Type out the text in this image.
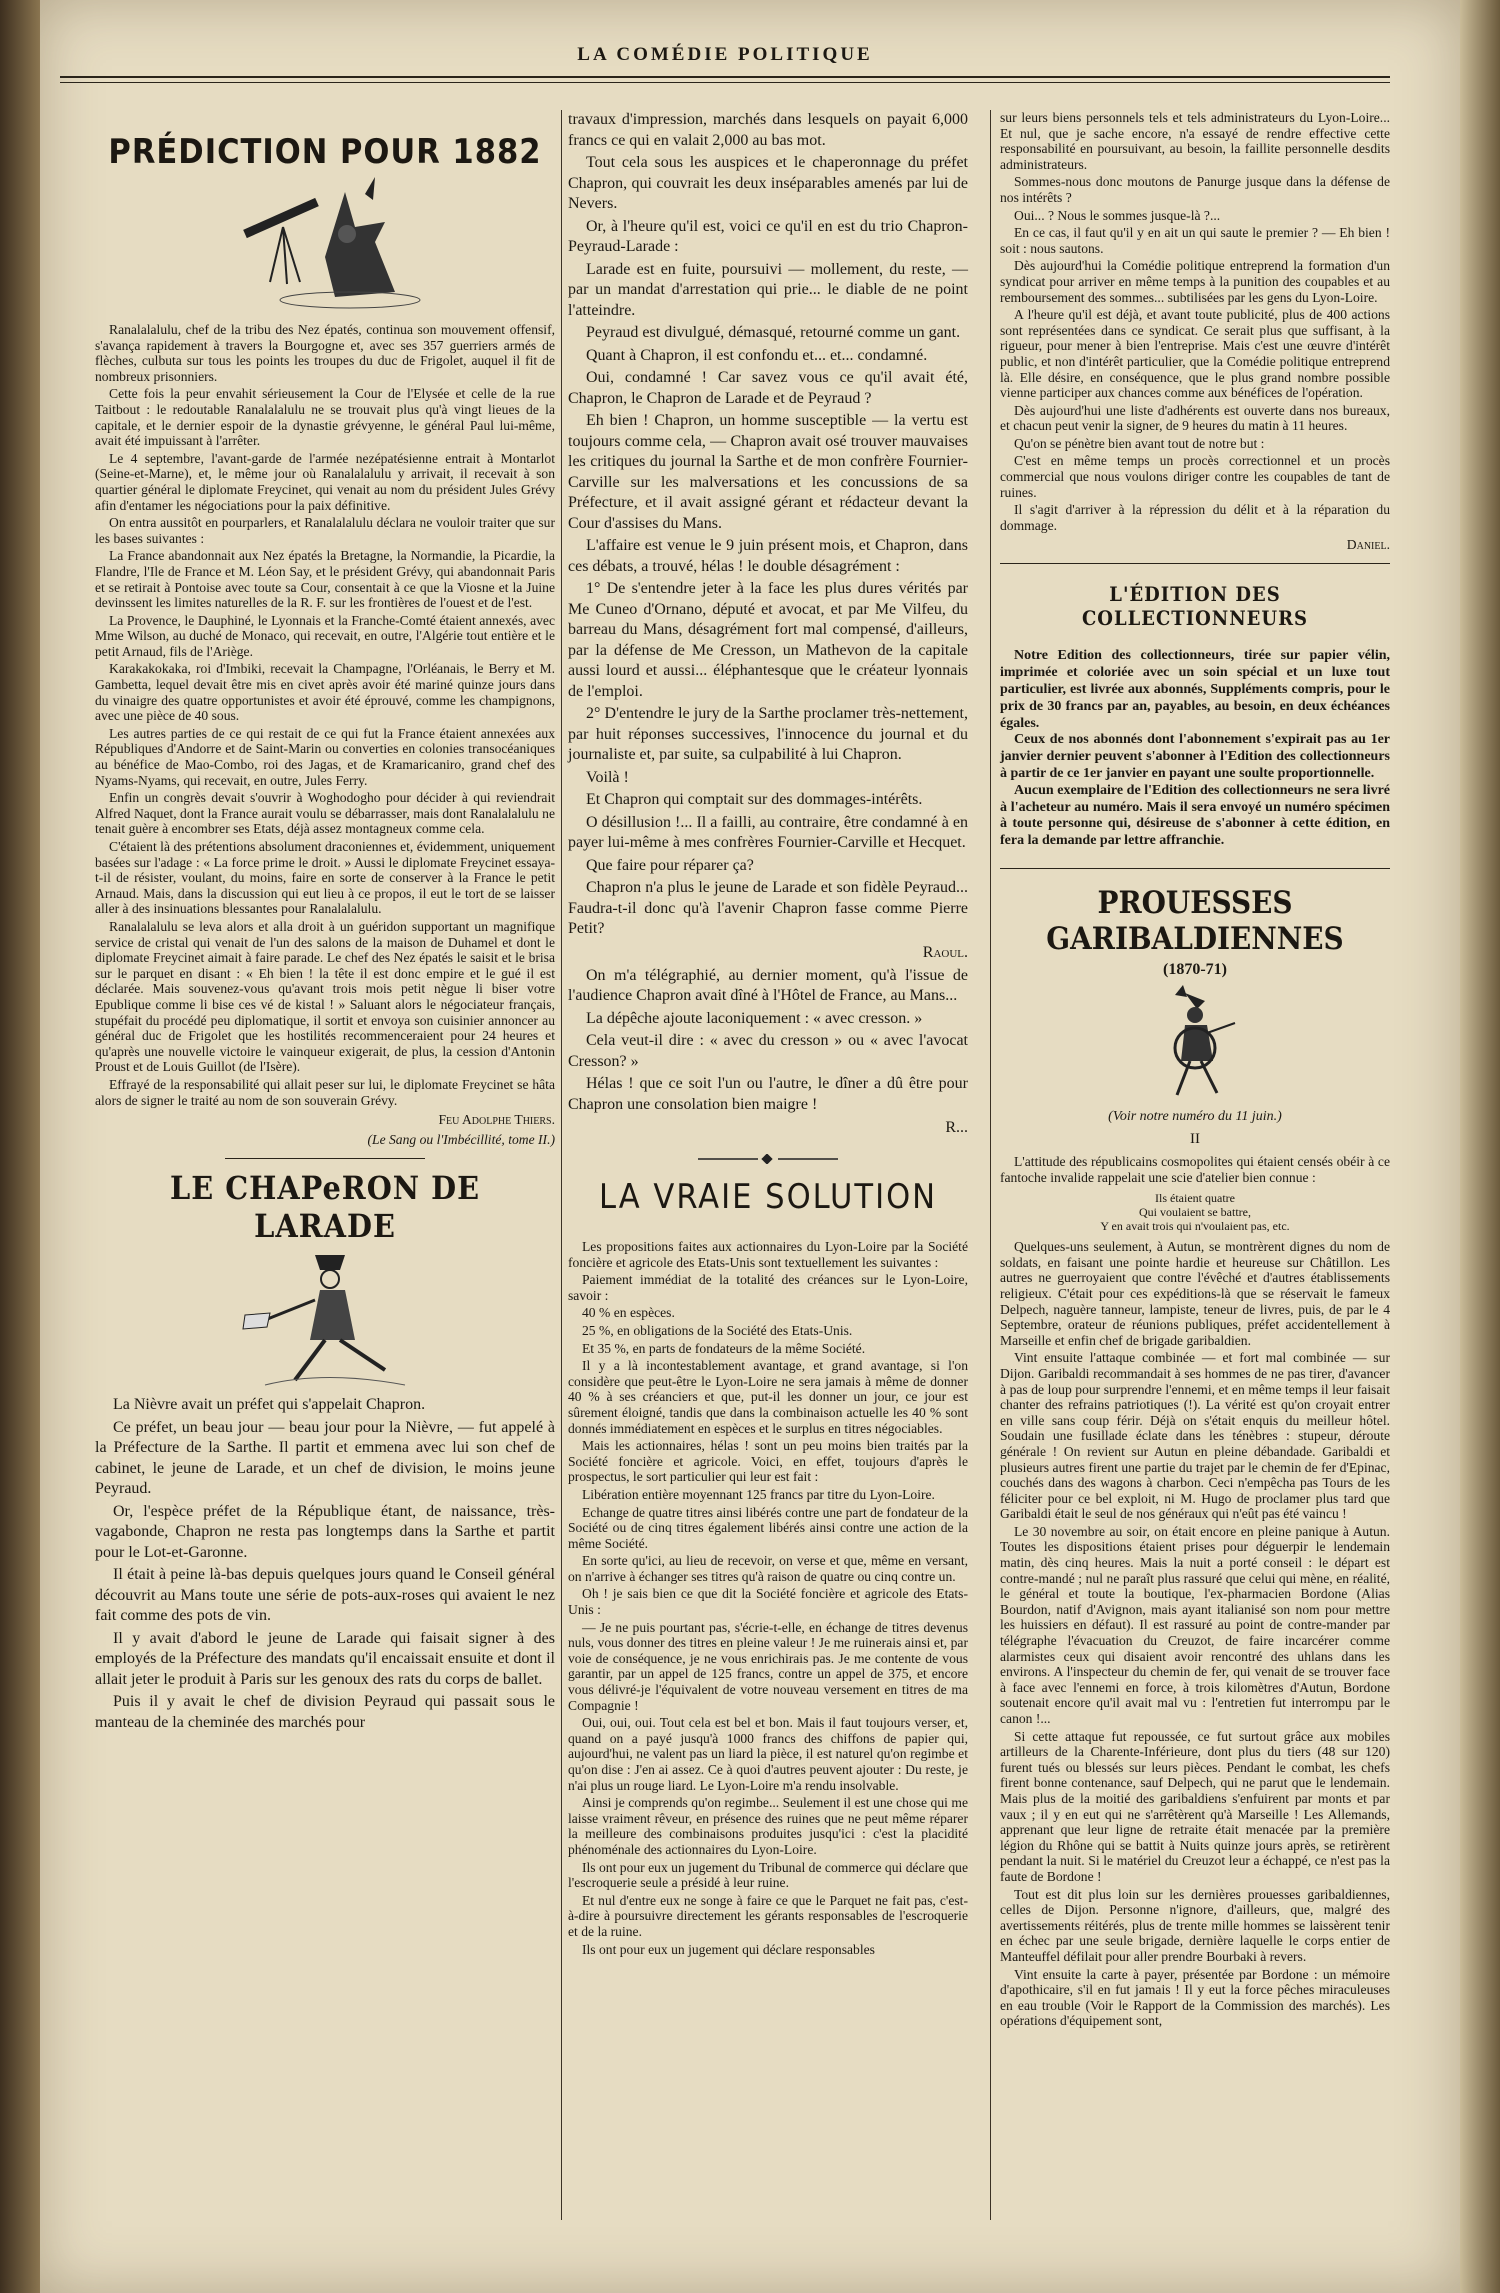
LA COMÉDIE POLITIQUE
PRÉDICTION POUR 1882

Ranalalalulu, chef de la tribu des Nez épatés, continua son mouvement offensif, s'avança rapidement à travers la Bourgogne et, avec ses 357 guerriers armés de flèches, culbuta sur tous les points les troupes du duc de Frigolet, auquel il fit de nombreux prisonniers.

Cette fois la peur envahit sérieusement la Cour de l'Elysée et celle de la rue Taitbout : le redoutable Ranalalalulu ne se trouvait plus qu'à vingt lieues de la capitale, et le dernier espoir de la dynastie grévyenne, le général Paul lui-même, avait été impuissant à l'arrêter.

Le 4 septembre, l'avant-garde de l'armée nezépatésienne entrait à Montarlot (Seine-et-Marne), et, le même jour où Ranalalalulu y arrivait, il recevait à son quartier général le diplomate Freycinet, qui venait au nom du président Jules Grévy afin d'entamer les négociations pour la paix définitive.

On entra aussitôt en pourparlers, et Ranalalalulu déclara ne vouloir traiter que sur les bases suivantes :

La France abandonnait aux Nez épatés la Bretagne, la Normandie, la Picardie, la Flandre, l'Ile de France et M. Léon Say, et le président Grévy, qui abandonnait Paris et se retirait à Pontoise avec toute sa Cour, consentait à ce que la Viosne et la Juine devinssent les limites naturelles de la R. F. sur les frontières de l'ouest et de l'est.

La Provence, le Dauphiné, le Lyonnais et la Franche-Comté étaient annexés, avec Mme Wilson, au duché de Monaco, qui recevait, en outre, l'Algérie tout entière et le petit Arnaud, fils de l'Ariège.

Karakakokaka, roi d'Imbiki, recevait la Champagne, l'Orléanais, le Berry et M. Gambetta, lequel devait être mis en civet après avoir été mariné quinze jours dans du vinaigre des quatre opportunistes et avoir été éprouvé, comme les champignons, avec une pièce de 40 sous.

Les autres parties de ce qui restait de ce qui fut la France étaient annexées aux Républiques d'Andorre et de Saint-Marin ou converties en colonies transocéaniques au bénéfice de Mao-Combo, roi des Jagas, et de Kramaricaniro, grand chef des Nyams-Nyams, qui recevait, en outre, Jules Ferry.

Enfin un congrès devait s'ouvrir à Woghodogho pour décider à qui reviendrait Alfred Naquet, dont la France aurait voulu se débarrasser, mais dont Ranalalalulu ne tenait guère à encombrer ses Etats, déjà assez montagneux comme cela.

C'étaient là des prétentions absolument draconiennes et, évidemment, uniquement basées sur l'adage : « La force prime le droit. » Aussi le diplomate Freycinet essaya-t-il de résister, voulant, du moins, faire en sorte de conserver à la France le petit Arnaud. Mais, dans la discussion qui eut lieu à ce propos, il eut le tort de se laisser aller à des insinuations blessantes pour Ranalalalulu.

Ranalalalulu se leva alors et alla droit à un guéridon supportant un magnifique service de cristal qui venait de l'un des salons de la maison de Duhamel et dont le diplomate Freycinet aimait à faire parade. Le chef des Nez épatés le saisit et le brisa sur le parquet en disant : « Eh bien ! la tête il est donc empire et le gué il est déclarée. Mais souvenez-vous qu'avant trois mois petit nègue li biser votre Epublique comme li bise ces vé de kistal ! » Saluant alors le négociateur français, stupéfait du procédé peu diplomatique, il sortit et envoya son cuisinier annoncer au général duc de Frigolet que les hostilités recommenceraient pour 24 heures et qu'après une nouvelle victoire le vainqueur exigerait, de plus, la cession d'Antonin Proust et de Louis Guillot (de l'Isère).

Effrayé de la responsabilité qui allait peser sur lui, le diplomate Freycinet se hâta alors de signer le traité au nom de son souverain Grévy.

Feu Adolphe Thiers.

(Le Sang ou l'Imbécillité, tome II.)

LE CHAPeRON DE LARADE

La Nièvre avait un préfet qui s'appelait Chapron.

Ce préfet, un beau jour — beau jour pour la Nièvre, — fut appelé à la Préfecture de la Sarthe. Il partit et emmena avec lui son chef de cabinet, le jeune de Larade, et un chef de division, le moins jeune Peyraud.

Or, l'espèce préfet de la République étant, de naissance, très-vagabonde, Chapron ne resta pas longtemps dans la Sarthe et partit pour le Lot-et-Garonne.

Il était à peine là-bas depuis quelques jours quand le Conseil général découvrit au Mans toute une série de pots-aux-roses qui avaient le nez fait comme des pots de vin.

Il y avait d'abord le jeune de Larade qui faisait signer à des employés de la Préfecture des mandats qu'il encaissait ensuite et dont il allait jeter le produit à Paris sur les genoux des rats du corps de ballet.

Puis il y avait le chef de division Peyraud qui passait sous le manteau de la cheminée des marchés pour

travaux d'impression, marchés dans lesquels on payait 6,000 francs ce qui en valait 2,000 au bas mot.

Tout cela sous les auspices et le chaperonnage du préfet Chapron, qui couvrait les deux inséparables amenés par lui de Nevers.

Or, à l'heure qu'il est, voici ce qu'il en est du trio Chapron-Peyraud-Larade :

Larade est en fuite, poursuivi — mollement, du reste, — par un mandat d'arrestation qui prie... le diable de ne point l'atteindre.

Peyraud est divulgué, démasqué, retourné comme un gant.

Quant à Chapron, il est confondu et... et... condamné.

Oui, condamné ! Car savez vous ce qu'il avait été, Chapron, le Chapron de Larade et de Peyraud ?

Eh bien ! Chapron, un homme susceptible — la vertu est toujours comme cela, — Chapron avait osé trouver mauvaises les critiques du journal la Sarthe et de mon confrère Fournier-Carville sur les malversations et les concussions de sa Préfecture, et il avait assigné gérant et rédacteur devant la Cour d'assises du Mans.

L'affaire est venue le 9 juin présent mois, et Chapron, dans ces débats, a trouvé, hélas ! le double désagrément :

1° De s'entendre jeter à la face les plus dures vérités par Me Cuneo d'Ornano, député et avocat, et par Me Vilfeu, du barreau du Mans, désagrément fort mal compensé, d'ailleurs, par la défense de Me Cresson, un Mathevon de la capitale aussi lourd et aussi... éléphantesque que le créateur lyonnais de l'emploi.

2° D'entendre le jury de la Sarthe proclamer très-nettement, par huit réponses successives, l'innocence du journal et du journaliste et, par suite, sa culpabilité à lui Chapron.

Voilà !

Et Chapron qui comptait sur des dommages-intérêts.

O désillusion !... Il a failli, au contraire, être condamné à en payer lui-même à mes confrères Fournier-Carville et Hecquet.

Que faire pour réparer ça?

Chapron n'a plus le jeune de Larade et son fidèle Peyraud... Faudra-t-il donc qu'à l'avenir Chapron fasse comme Pierre Petit?

Raoul.

On m'a télégraphié, au dernier moment, qu'à l'issue de l'audience Chapron avait dîné à l'Hôtel de France, au Mans...

La dépêche ajoute laconiquement : « avec cresson. »

Cela veut-il dire : « avec du cresson » ou « avec l'avocat Cresson? »

Hélas ! que ce soit l'un ou l'autre, le dîner a dû être pour Chapron une consolation bien maigre !

R...

LA VRAIE SOLUTION

Les propositions faites aux actionnaires du Lyon-Loire par la Société foncière et agricole des Etats-Unis sont textuellement les suivantes :

Paiement immédiat de la totalité des créances sur le Lyon-Loire, savoir :

40 % en espèces.

25 %, en obligations de la Société des Etats-Unis.

Et 35 %, en parts de fondateurs de la même Société.

Il y a là incontestablement avantage, et grand avantage, si l'on considère que peut-être le Lyon-Loire ne sera jamais à même de donner 40 % à ses créanciers et que, put-il les donner un jour, ce jour est sûrement éloigné, tandis que dans la combinaison actuelle les 40 % sont donnés immédiatement en espèces et le surplus en titres négociables.

Mais les actionnaires, hélas ! sont un peu moins bien traités par la Société foncière et agricole. Voici, en effet, toujours d'après le prospectus, le sort particulier qui leur est fait :

Libération entière moyennant 125 francs par titre du Lyon-Loire.

Echange de quatre titres ainsi libérés contre une part de fondateur de la Société ou de cinq titres également libérés ainsi contre une action de la même Société.

En sorte qu'ici, au lieu de recevoir, on verse et que, même en versant, on n'arrive à échanger ses titres qu'à raison de quatre ou cinq contre un.

Oh ! je sais bien ce que dit la Société foncière et agricole des Etats-Unis :

— Je ne puis pourtant pas, s'écrie-t-elle, en échange de titres devenus nuls, vous donner des titres en pleine valeur ! Je me ruinerais ainsi et, par voie de conséquence, je ne vous enrichirais pas. Je me contente de vous garantir, par un appel de 125 francs, contre un appel de 375, et encore vous délivré-je l'équivalent de votre nouveau versement en titres de ma Compagnie !

Oui, oui, oui. Tout cela est bel et bon. Mais il faut toujours verser, et, quand on a payé jusqu'à 1000 francs des chiffons de papier qui, aujourd'hui, ne valent pas un liard la pièce, il est naturel qu'on regimbe et qu'on dise : J'en ai assez. Ce à quoi d'autres peuvent ajouter : Du reste, je n'ai plus un rouge liard. Le Lyon-Loire m'a rendu insolvable.

Ainsi je comprends qu'on regimbe... Seulement il est une chose qui me laisse vraiment rêveur, en présence des ruines que ne peut même réparer la meilleure des combinaisons produites jusqu'ici : c'est la placidité phénoménale des actionnaires du Lyon-Loire.

Ils ont pour eux un jugement du Tribunal de commerce qui déclare que l'escroquerie seule a présidé à leur ruine.

Et nul d'entre eux ne songe à faire ce que le Parquet ne fait pas, c'est-à-dire à poursuivre directement les gérants responsables de l'escroquerie et de la ruine.

Ils ont pour eux un jugement qui déclare responsables

sur leurs biens personnels tels et tels administrateurs du Lyon-Loire... Et nul, que je sache encore, n'a essayé de rendre effective cette responsabilité en poursuivant, au besoin, la faillite personnelle desdits administrateurs.

Sommes-nous donc moutons de Panurge jusque dans la défense de nos intérêts ?

Oui... ? Nous le sommes jusque-là ?...

En ce cas, il faut qu'il y en ait un qui saute le premier ? — Eh bien ! soit : nous sautons.

Dès aujourd'hui la Comédie politique entreprend la formation d'un syndicat pour arriver en même temps à la punition des coupables et au remboursement des sommes... subtilisées par les gens du Lyon-Loire.

A l'heure qu'il est déjà, et avant toute publicité, plus de 400 actions sont représentées dans ce syndicat. Ce serait plus que suffisant, à la rigueur, pour mener à bien l'entreprise. Mais c'est une œuvre d'intérêt public, et non d'intérêt particulier, que la Comédie politique entreprend là. Elle désire, en conséquence, que le plus grand nombre possible vienne participer aux chances comme aux bénéfices de l'opération.

Dès aujourd'hui une liste d'adhérents est ouverte dans nos bureaux, et chacun peut venir la signer, de 9 heures du matin à 11 heures.

Qu'on se pénètre bien avant tout de notre but :

C'est en même temps un procès correctionnel et un procès commercial que nous voulons diriger contre les coupables de tant de ruines.

Il s'agit d'arriver à la répression du délit et à la réparation du dommage.

Daniel.

L'ÉDITION DES COLLECTIONNEURS

Notre Edition des collectionneurs, tirée sur papier vélin, imprimée et coloriée avec un soin spécial et un luxe tout particulier, est livrée aux abonnés, Suppléments compris, pour le prix de 30 francs par an, payables, au besoin, en deux échéances égales.

Ceux de nos abonnés dont l'abonnement s'expirait pas au 1er janvier dernier peuvent s'abonner à l'Edition des collectionneurs à partir de ce 1er janvier en payant une soulte proportionnelle.

Aucun exemplaire de l'Edition des collectionneurs ne sera livré à l'acheteur au numéro. Mais il sera envoyé un numéro spécimen à toute personne qui, désireuse de s'abonner à cette édition, en fera la demande par lettre affranchie.

PROUESSES GARIBALDIENNES

(1870-71)

(Voir notre numéro du 11 juin.)

II

L'attitude des républicains cosmopolites qui étaient censés obéir à ce fantoche invalide rappelait une scie d'atelier bien connue :

Ils étaient quatre
Qui voulaient se battre,
Y en avait trois qui n'voulaient pas, etc.

Quelques-uns seulement, à Autun, se montrèrent dignes du nom de soldats, en faisant une pointe hardie et heureuse sur Châtillon. Les autres ne guerroyaient que contre l'évêché et d'autres établissements religieux. C'était pour ces expéditions-là que se réservait le fameux Delpech, naguère tanneur, lampiste, teneur de livres, puis, de par le 4 Septembre, orateur de réunions publiques, préfet accidentellement à Marseille et enfin chef de brigade garibaldien.

Vint ensuite l'attaque combinée — et fort mal combinée — sur Dijon. Garibaldi recommandait à ses hommes de ne pas tirer, d'avancer à pas de loup pour surprendre l'ennemi, et en même temps il leur faisait chanter des refrains patriotiques (!). La vérité est qu'on croyait entrer en ville sans coup férir. Déjà on s'était enquis du meilleur hôtel. Soudain une fusillade éclate dans les ténèbres : stupeur, déroute générale ! On revient sur Autun en pleine débandade. Garibaldi et plusieurs autres firent une partie du trajet par le chemin de fer d'Epinac, couchés dans des wagons à charbon. Ceci n'empêcha pas Tours de les féliciter pour ce bel exploit, ni M. Hugo de proclamer plus tard que Garibaldi était le seul de nos généraux qui n'eût pas été vaincu !

Le 30 novembre au soir, on était encore en pleine panique à Autun. Toutes les dispositions étaient prises pour déguerpir le lendemain matin, dès cinq heures. Mais la nuit a porté conseil : le départ est contre-mandé ; nul ne paraît plus rassuré que celui qui mène, en réalité, le général et toute la boutique, l'ex-pharmacien Bordone (Alias Bourdon, natif d'Avignon, mais ayant italianisé son nom pour mettre les huissiers en défaut). Il est rassuré au point de contre-mander par télégraphe l'évacuation du Creuzot, de faire incarcérer comme alarmistes ceux qui disaient avoir rencontré des uhlans dans les environs. A l'inspecteur du chemin de fer, qui venait de se trouver face à face avec l'ennemi en force, à trois kilomètres d'Autun, Bordone soutenait encore qu'il avait mal vu : l'entretien fut interrompu par le canon !...

Si cette attaque fut repoussée, ce fut surtout grâce aux mobiles artilleurs de la Charente-Inférieure, dont plus du tiers (48 sur 120) furent tués ou blessés sur leurs pièces. Pendant le combat, les chefs firent bonne contenance, sauf Delpech, qui ne parut que le lendemain. Mais plus de la moitié des garibaldiens s'enfuirent par monts et par vaux ; il y en eut qui ne s'arrêtèrent qu'à Marseille ! Les Allemands, apprenant que leur ligne de retraite était menacée par la première légion du Rhône qui se battit à Nuits quinze jours après, se retirèrent pendant la nuit. Si le matériel du Creuzot leur a échappé, ce n'est pas la faute de Bordone !

Tout est dit plus loin sur les dernières prouesses garibaldiennes, celles de Dijon. Personne n'ignore, d'ailleurs, que, malgré des avertissements réitérés, plus de trente mille hommes se laissèrent tenir en échec par une seule brigade, dernière laquelle le corps entier de Manteuffel défilait pour aller prendre Bourbaki à revers.

Vint ensuite la carte à payer, présentée par Bordone : un mémoire d'apothicaire, s'il en fut jamais ! Il y eut la force pêches miraculeuses en eau trouble (Voir le Rapport de la Commission des marchés). Les opérations d'équipement sont,
